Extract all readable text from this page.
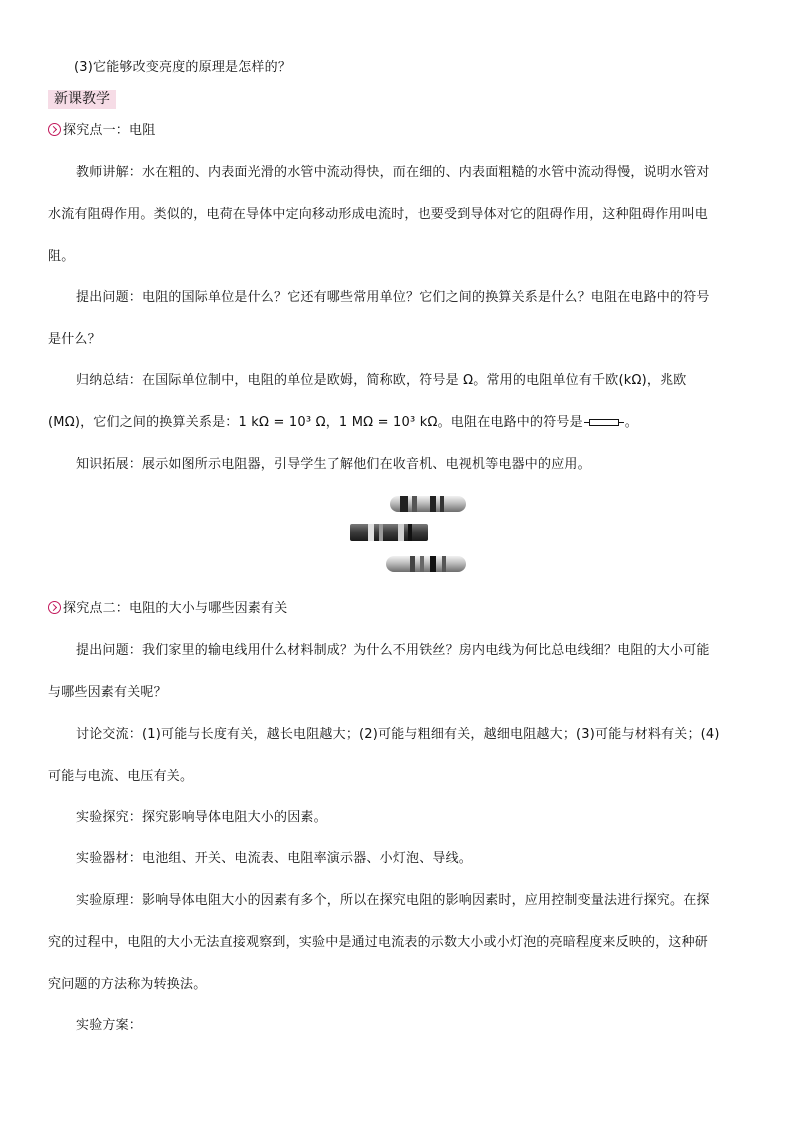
(3)它能够改变亮度的原理是怎样的？
新课教学
探究点一：电阻
教师讲解：水在粗的、内表面光滑的水管中流动得快，而在细的、内表面粗糙的水管中流动得慢，说明水管对
水流有阻碍作用。类似的，电荷在导体中定向移动形成电流时，也要受到导体对它的阻碍作用，这种阻碍作用叫电
阻。
提出问题：电阻的国际单位是什么？它还有哪些常用单位？它们之间的换算关系是什么？电阻在电路中的符号
是什么？
归纳总结：在国际单位制中，电阻的单位是欧姆，简称欧，符号是 Ω。常用的电阻单位有千欧(kΩ)，兆欧
(MΩ)，它们之间的换算关系是：1 kΩ = 10³ Ω，1 MΩ = 10³ kΩ。电阻在电路中的符号是	。
知识拓展：展示如图所示电阻器，引导学生了解他们在收音机、电视机等电器中的应用。
探究点二：电阻的大小与哪些因素有关
提出问题：我们家里的输电线用什么材料制成？为什么不用铁丝？房内电线为何比总电线细？电阻的大小可能
与哪些因素有关呢？
讨论交流：(1)可能与长度有关，越长电阻越大；(2)可能与粗细有关，越细电阻越大；(3)可能与材料有关；(4)
可能与电流、电压有关。
实验探究：探究影响导体电阻大小的因素。
实验器材：电池组、开关、电流表、电阻率演示器、小灯泡、导线。
实验原理：影响导体电阻大小的因素有多个，所以在探究电阻的影响因素时，应用控制变量法进行探究。在探
究的过程中，电阻的大小无法直接观察到，实验中是通过电流表的示数大小或小灯泡的亮暗程度来反映的，这种研
究问题的方法称为转换法。
实验方案：
